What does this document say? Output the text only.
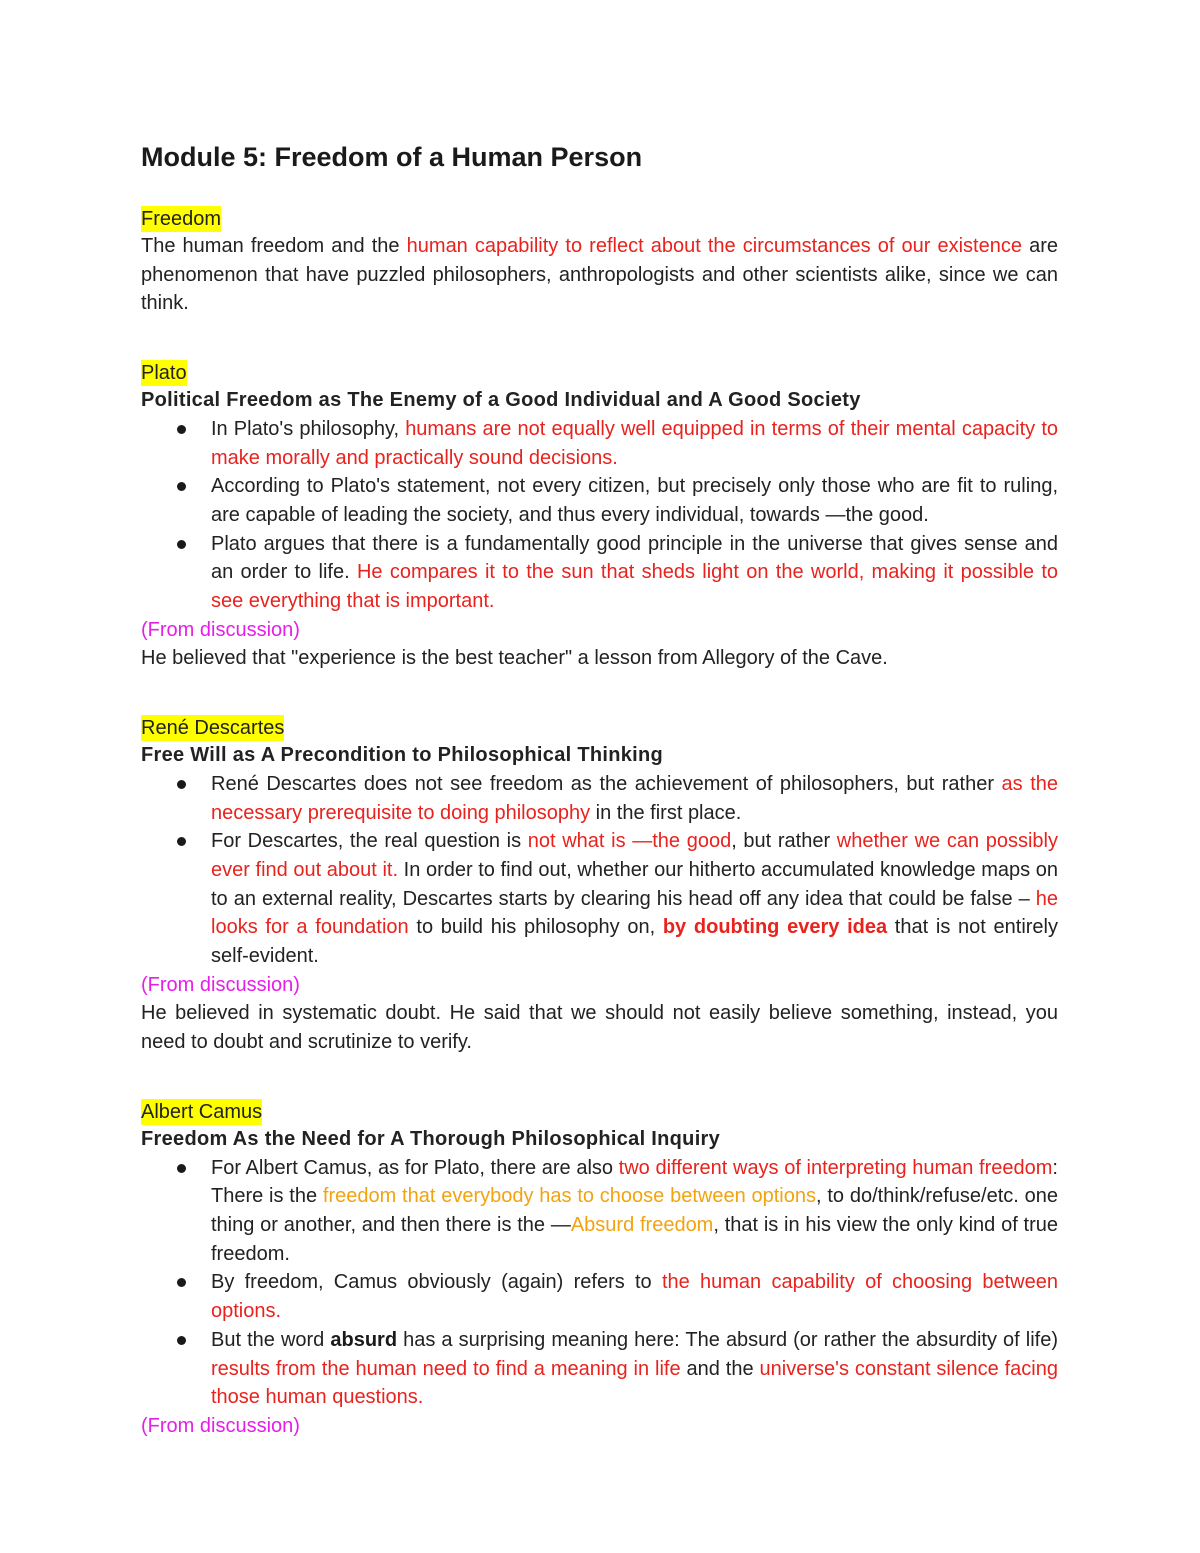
Module 5: Freedom of a Human Person
Freedom

The human freedom and the human capability to reflect about the circumstances of our existence are phenomenon that have puzzled philosophers, anthropologists and other scientists alike, since we can think.

Plato
Political Freedom as The Enemy of a Good Individual and A Good Society
In Plato's philosophy, humans are not equally well equipped in terms of their mental capacity to make morally and practically sound decisions.
According to Plato's statement, not every citizen, but precisely only those who are fit to ruling, are capable of leading the society, and thus every individual, towards —the good.
Plato argues that there is a fundamentally good principle in the universe that gives sense and an order to life. He compares it to the sun that sheds light on the world, making it possible to see everything that is important.
(From discussion)

He believed that "experience is the best teacher" a lesson from Allegory of the Cave.

René Descartes
Free Will as A Precondition to Philosophical Thinking
René Descartes does not see freedom as the achievement of philosophers, but rather as the necessary prerequisite to doing philosophy in the first place.
For Descartes, the real question is not what is —the good, but rather whether we can possibly ever find out about it. In order to find out, whether our hitherto accumulated knowledge maps on to an external reality, Descartes starts by clearing his head off any idea that could be false – he looks for a foundation to build his philosophy on, by doubting every idea that is not entirely self-evident.
(From discussion)

He believed in systematic doubt. He said that we should not easily believe something, instead, you need to doubt and scrutinize to verify.

Albert Camus
Freedom As the Need for A Thorough Philosophical Inquiry
For Albert Camus, as for Plato, there are also two different ways of interpreting human freedom: There is the freedom that everybody has to choose between options, to do/think/refuse/etc. one thing or another, and then there is the —Absurd freedom, that is in his view the only kind of true freedom.
By freedom, Camus obviously (again) refers to the human capability of choosing between options.
But the word absurd has a surprising meaning here: The absurd (or rather the absurdity of life) results from the human need to find a meaning in life and the universe's constant silence facing those human questions.
(From discussion)
